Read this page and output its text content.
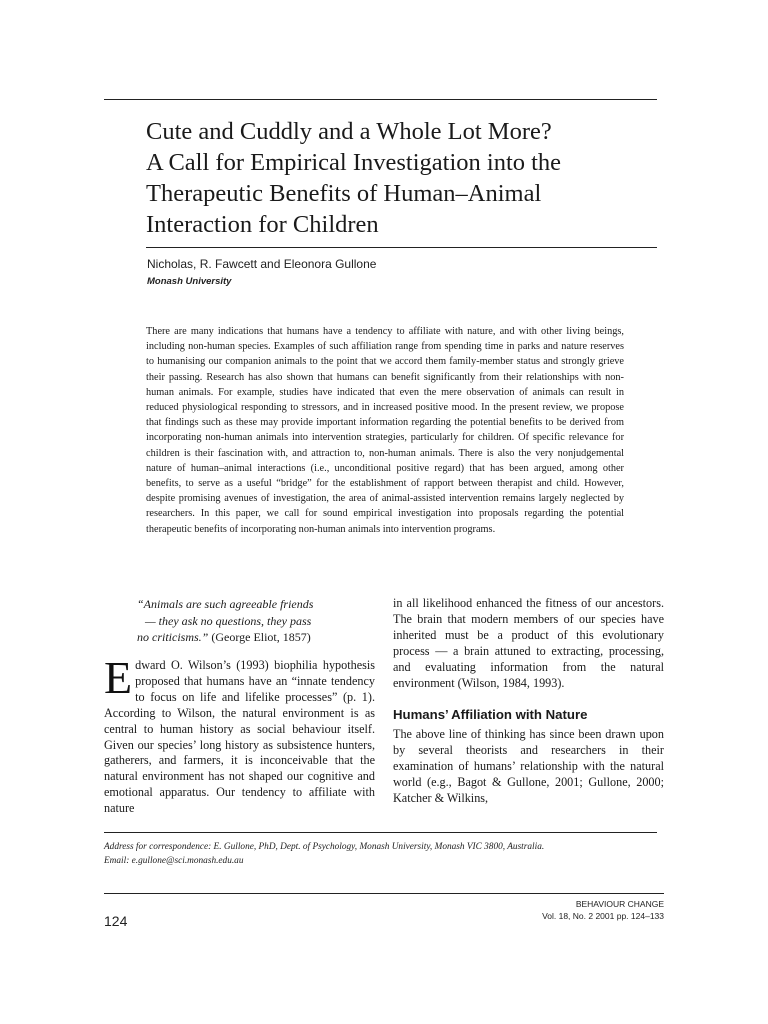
Cute and Cuddly and a Whole Lot More?
A Call for Empirical Investigation into the
Therapeutic Benefits of Human–Animal
Interaction for Children
Nicholas, R. Fawcett and Eleonora Gullone
Monash University
There are many indications that humans have a tendency to affiliate with nature, and with other living beings, including non-human species. Examples of such affiliation range from spending time in parks and nature reserves to humanising our companion animals to the point that we accord them family-member status and strongly grieve their passing. Research has also shown that humans can benefit significantly from their relationships with non-human animals. For example, studies have indicated that even the mere observation of animals can result in reduced physiological responding to stressors, and in increased positive mood. In the present review, we propose that findings such as these may provide important information regarding the potential benefits to be derived from incorporating non-human animals into intervention strategies, particularly for children. Of specific relevance for children is their fascination with, and attraction to, non-human animals. There is also the very nonjudgemental nature of human–animal interactions (i.e., unconditional positive regard) that has been argued, among other benefits, to serve as a useful “bridge” for the establishment of rapport between therapist and child. However, despite promising avenues of investigation, the area of animal-assisted intervention remains largely neglected by researchers. In this paper, we call for sound empirical investigation into proposals regarding the potential therapeutic benefits of incorporating non-human animals into intervention programs.
“Animals are such agreeable friends
— they ask no questions, they pass
no criticisms.” (George Eliot, 1857)
Edward O. Wilson’s (1993) biophilia hypothesis proposed that humans have an “innate tendency to focus on life and lifelike processes” (p. 1). According to Wilson, the natural environment is as central to human history as social behaviour itself. Given our species’ long history as subsistence hunters, gatherers, and farmers, it is inconceivable that the natural environment has not shaped our cognitive and emotional apparatus. Our tendency to affiliate with nature
in all likelihood enhanced the fitness of our ancestors. The brain that modern members of our species have inherited must be a product of this evolutionary process — a brain attuned to extracting, processing, and evaluating information from the natural environment (Wilson, 1984, 1993).
Humans’ Affiliation with Nature
The above line of thinking has since been drawn upon by several theorists and researchers in their examination of humans’ relationship with the natural world (e.g., Bagot & Gullone, 2001; Gullone, 2000; Katcher & Wilkins,
Address for correspondence: E. Gullone, PhD, Dept. of Psychology, Monash University, Monash VIC 3800, Australia.
Email: e.gullone@sci.monash.edu.au
124
BEHAVIOUR CHANGE
Vol. 18, No. 2 2001 pp. 124–133
